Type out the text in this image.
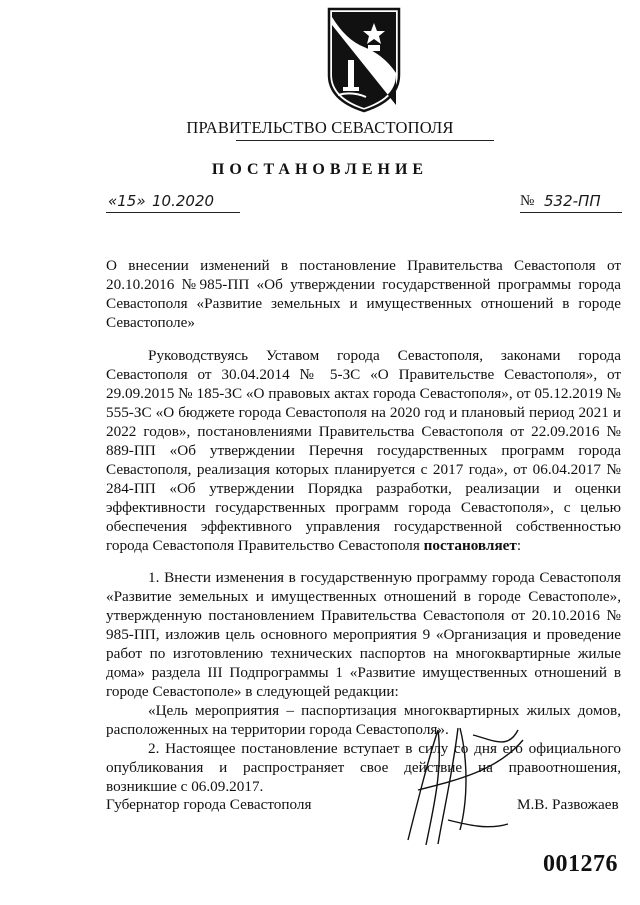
ПРАВИТЕЛЬСТВО СЕВАСТОПОЛЯ
ПОСТАНОВЛЕНИЕ
«15» 10.2020	№ 532-ПП

О внесении изменений в постановление Правительства Севастополя от 20.10.2016 №985-ПП «Об утверждении государственной программы города Севастополя «Развитие земельных и имущественных отношений в городе Севастополе»

Руководствуясь Уставом города Севастополя, законами города Севастополя от 30.04.2014 № 5-ЗС «О Правительстве Севастополя», от 29.09.2015 № 185-ЗС «О правовых актах города Севастополя», от 05.12.2019 № 555-ЗС «О бюджете города Севастополя на 2020 год и плановый период 2021 и 2022 годов», постановлениями Правительства Севастополя от 22.09.2016 № 889-ПП «Об утверждении Перечня государственных программ города Севастополя, реализация которых планируется с 2017 года», от 06.04.2017 № 284-ПП «Об утверждении Порядка разработки, реализации и оценки эффективности государственных программ города Севастополя», с целью обеспечения эффективного управления государственной собственностью города Севастополя Правительство Севастополя постановляет:

1. Внести изменения в государственную программу города Севастополя «Развитие земельных и имущественных отношений в городе Севастополе», утвержденную постановлением Правительства Севастополя от 20.10.2016 № 985-ПП, изложив цель основного мероприятия 9 «Организация и проведение работ по изготовлению технических паспортов на многоквартирные жилые дома» раздела III Подпрограммы 1 «Развитие имущественных отношений в городе Севастополе» в следующей редакции:

«Цель мероприятия – паспортизация многоквартирных жилых домов, расположенных на территории города Севастополя».

2. Настоящее постановление вступает в силу со дня его официального опубликования и распространяет свое действие на правоотношения, возникшие с 06.09.2017.

Губернатор города Севастополя	М.В. Развожаев
001276
